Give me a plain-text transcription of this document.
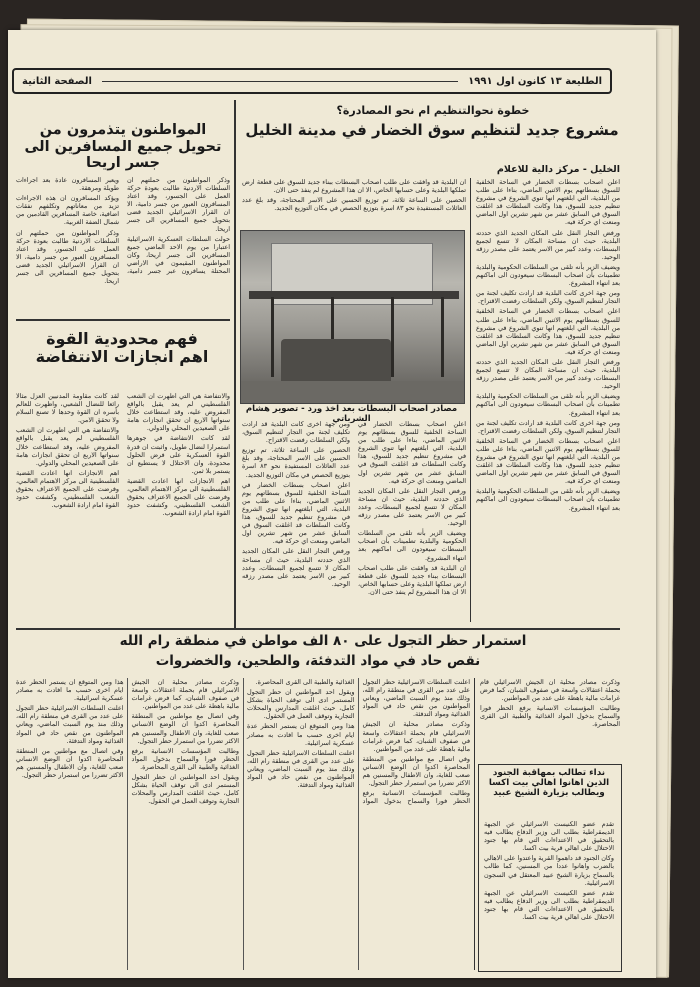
الطليعة ١٣ كانون اول ١٩٩١
الصفحة الثانية
خطوة نحوالتنظيم ام نحو المصادرة؟
مشروع جديد لتنظيم سوق الخضار في مدينة الخليل
الخليل - مركز دالية للاعلام

اعلن اصحاب بسطات الخضار في الساحة الخلفية للسوق بسطاتهم يوم الاثنين الماضي، بناءا على طلب من البلدية، التي ابلغتهم انها تنوي الشروع في مشروع تنظيم جديد للسوق، هذا وكانت السلطات قد اغلقت السوق في السابق عشر من شهر تشرين اول الماضي ومنعت اي حركة فيه.

ورفض التجار النقل على المكان الجديد الذي حددته البلدية، حيث ان مساحة المكان لا تتسع لجميع البسطات، وعدد كبير من الاسر يعتمد على مصدر رزقه الوحيد.

ويضيف الزير بأنه تلقى من السلطات الحكومية والبلدية تطمينات بأن اصحاب البسطات سيعودون الى اماكنهم بعد انتهاء المشروع.

ومن جهة اخرى كانت البلدية قد ارادت تكليف لجنة من التجار لتنظيم السوق، ولكن السلطات رفضت الاقتراح.

اعلن اصحاب بسطات الخضار في الساحة الخلفية للسوق بسطاتهم يوم الاثنين الماضي، بناءا على طلب من البلدية، التي ابلغتهم انها تنوي الشروع في مشروع تنظيم جديد للسوق، هذا وكانت السلطات قد اغلقت السوق في السابق عشر من شهر تشرين اول الماضي ومنعت اي حركة فيه.

ورفض التجار النقل على المكان الجديد الذي حددته البلدية، حيث ان مساحة المكان لا تتسع لجميع البسطات، وعدد كبير من الاسر يعتمد على مصدر رزقه الوحيد.

ويضيف الزير بأنه تلقى من السلطات الحكومية والبلدية تطمينات بأن اصحاب البسطات سيعودون الى اماكنهم بعد انتهاء المشروع.

ومن جهة اخرى كانت البلدية قد ارادت تكليف لجنة من التجار لتنظيم السوق، ولكن السلطات رفضت الاقتراح.

اعلن اصحاب بسطات الخضار في الساحة الخلفية للسوق بسطاتهم يوم الاثنين الماضي، بناءا على طلب من البلدية، التي ابلغتهم انها تنوي الشروع في مشروع تنظيم جديد للسوق، هذا وكانت السلطات قد اغلقت السوق في السابق عشر من شهر تشرين اول الماضي ومنعت اي حركة فيه.

ويضيف الزير بأنه تلقى من السلطات الحكومية والبلدية تطمينات بأن اصحاب البسطات سيعودون الى اماكنهم بعد انتهاء المشروع.

ان البلدية قد وافقت على طلب اصحاب البسطات ببناء جديد للسوق على قطعة ارض تملكها البلدية وعلى حسابها الخاص، الا ان هذا المشروع لم ينفذ حتى الان.

الحصين على الساعة ثلاثة، تم توزيع الحسين على الاسر المحتاجة، وقد بلغ عدد العائلات المستفيدة نحو ٨٣ اسرة بتوزيع الحصص في مكان التوزيع الجديد.

مصادر اصحاب البسطات بعد اخذ ورد - تصوير هشام الشرباتي

اعلن اصحاب بسطات الخضار في الساحة الخلفية للسوق بسطاتهم يوم الاثنين الماضي، بناءا على طلب من البلدية، التي ابلغتهم انها تنوي الشروع في مشروع تنظيم جديد للسوق، هذا وكانت السلطات قد اغلقت السوق في السابق عشر من شهر تشرين اول الماضي ومنعت اي حركة فيه.

ورفض التجار النقل على المكان الجديد الذي حددته البلدية، حيث ان مساحة المكان لا تتسع لجميع البسطات، وعدد كبير من الاسر يعتمد على مصدر رزقه الوحيد.

ويضيف الزير بأنه تلقى من السلطات الحكومية والبلدية تطمينات بأن اصحاب البسطات سيعودون الى اماكنهم بعد انتهاء المشروع.

ان البلدية قد وافقت على طلب اصحاب البسطات ببناء جديد للسوق على قطعة ارض تملكها البلدية وعلى حسابها الخاص، الا ان هذا المشروع لم ينفذ حتى الان.

ومن جهة اخرى كانت البلدية قد ارادت تكليف لجنة من التجار لتنظيم السوق، ولكن السلطات رفضت الاقتراح.

الحصين على الساعة ثلاثة، تم توزيع الحسين على الاسر المحتاجة، وقد بلغ عدد العائلات المستفيدة نحو ٨٣ اسرة بتوزيع الحصص في مكان التوزيع الجديد.

اعلن اصحاب بسطات الخضار في الساحة الخلفية للسوق بسطاتهم يوم الاثنين الماضي، بناءا على طلب من البلدية، التي ابلغتهم انها تنوي الشروع في مشروع تنظيم جديد للسوق، هذا وكانت السلطات قد اغلقت السوق في السابق عشر من شهر تشرين اول الماضي ومنعت اي حركة فيه.

ورفض التجار النقل على المكان الجديد الذي حددته البلدية، حيث ان مساحة المكان لا تتسع لجميع البسطات، وعدد كبير من الاسر يعتمد على مصدر رزقه الوحيد.

المواطنون يتذمرون من تحويل جميع المسافرين الى جسر اريحا

وذكر المواطنون من حملتهم ان السلطات الاردنية طالبت بعودة حركة العمل على الجسور، وقد اعتاد المسافرون العبور من جسر دامية، الا ان القرار الاسرائيلي الجديد قضى بتحويل جميع المسافرين الى جسر اريحا.

حولت السلطات العسكرية الاسرائيلية اعتبارا من يوم الاحد الماضي جميع المسافرين الى جسر اريحا، وكان المواطنون المقيمون في الاراضي المحتلة يسافرون عبر جسر دامية، ويعبر المسافرون عادة بعد اجراءات طويلة ومرهقة.

ويؤكد المسافرون ان هذه الاجراءات تزيد من معاناتهم وتكلفهم نفقات اضافية، خاصة المسافرين القادمين من شمال الضفة الغربية.

وذكر المواطنون من حملتهم ان السلطات الاردنية طالبت بعودة حركة العمل على الجسور، وقد اعتاد المسافرون العبور من جسر دامية، الا ان القرار الاسرائيلي الجديد قضى بتحويل جميع المسافرين الى جسر اريحا.

فهم محدودية القوة اهم انجازات الانتفاضة

والانتفاضة هي التي اظهرت ان الشعب الفلسطيني لم يعد يقبل بالواقع المفروض عليه، وقد استطاعت خلال سنواتها الاربع ان تحقق انجازات هامة على الصعيدين المحلي والدولي.

لقد كانت الانتفاضة في جوهرها استمرارا لنضال طويل، واثبتت ان قدرة القوة العسكرية على فرض الحلول محدودة، وان الاحتلال لا يستطيع ان يستمر بلا ثمن.

اهم الانجازات انها اعادت القضية الفلسطينية الى مركز الاهتمام العالمي، وفرضت على الجميع الاعتراف بحقوق الشعب الفلسطيني، وكشفت حدود القوة امام ارادة الشعوب.

لقد كانت مقاومة المدنيين العزل مثالا رائعا للنضال الشعبي، واظهرت للعالم بأسره ان القوة وحدها لا تصنع السلام ولا تحقق الامن.

والانتفاضة هي التي اظهرت ان الشعب الفلسطيني لم يعد يقبل بالواقع المفروض عليه، وقد استطاعت خلال سنواتها الاربع ان تحقق انجازات هامة على الصعيدين المحلي والدولي.

اهم الانجازات انها اعادت القضية الفلسطينية الى مركز الاهتمام العالمي، وفرضت على الجميع الاعتراف بحقوق الشعب الفلسطيني، وكشفت حدود القوة امام ارادة الشعوب.

استمرار حظر التجول على ٨٠ الف مواطن في منطقة رام الله
نقص حاد في مواد التدفئة، والطحين، والخضروات

اعلنت السلطات الاسرائيلية حظر التجول على عدد من القرى في منطقة رام الله، وذلك منذ يوم السبت الماضي، ويعاني المواطنون من نقص حاد في المواد الغذائية ومواد التدفئة.

وذكرت مصادر محلية ان الجيش الاسرائيلي قام بحملة اعتقالات واسعة في صفوف الشبان، كما فرض غرامات مالية باهظة على عدد من المواطنين.

وفي اتصال مع مواطنين من المنطقة المحاصرة اكدوا ان الوضع الانساني صعب للغاية، وان الاطفال والمسنين هم الاكثر تضررا من استمرار حظر التجول.

وطالبت المؤسسات الانسانية برفع الحظر فورا والسماح بدخول المواد الغذائية والطبية الى القرى المحاصرة.

ويقول احد المواطنين ان حظر التجول المستمر ادى الى توقف الحياة بشكل كامل، حيث اغلقت المدارس والمحلات التجارية وتوقف العمل في الحقول.

هذا ومن المتوقع ان يستمر الحظر عدة ايام اخرى حسب ما افادت به مصادر عسكرية اسرائيلية.

اعلنت السلطات الاسرائيلية حظر التجول على عدد من القرى في منطقة رام الله، وذلك منذ يوم السبت الماضي، ويعاني المواطنون من نقص حاد في المواد الغذائية ومواد التدفئة.

وذكرت مصادر محلية ان الجيش الاسرائيلي قام بحملة اعتقالات واسعة في صفوف الشبان، كما فرض غرامات مالية باهظة على عدد من المواطنين.

وفي اتصال مع مواطنين من المنطقة المحاصرة اكدوا ان الوضع الانساني صعب للغاية، وان الاطفال والمسنين هم الاكثر تضررا من استمرار حظر التجول.

وطالبت المؤسسات الانسانية برفع الحظر فورا والسماح بدخول المواد الغذائية والطبية الى القرى المحاصرة.

ويقول احد المواطنين ان حظر التجول المستمر ادى الى توقف الحياة بشكل كامل، حيث اغلقت المدارس والمحلات التجارية وتوقف العمل في الحقول.

هذا ومن المتوقع ان يستمر الحظر عدة ايام اخرى حسب ما افادت به مصادر عسكرية اسرائيلية.

اعلنت السلطات الاسرائيلية حظر التجول على عدد من القرى في منطقة رام الله، وذلك منذ يوم السبت الماضي، ويعاني المواطنون من نقص حاد في المواد الغذائية ومواد التدفئة.

وفي اتصال مع مواطنين من المنطقة المحاصرة اكدوا ان الوضع الانساني صعب للغاية، وان الاطفال والمسنين هم الاكثر تضررا من استمرار حظر التجول.

وذكرت مصادر محلية ان الجيش الاسرائيلي قام بحملة اعتقالات واسعة في صفوف الشبان، كما فرض غرامات مالية باهظة على عدد من المواطنين.

وطالبت المؤسسات الانسانية برفع الحظر فورا والسماح بدخول المواد الغذائية والطبية الى القرى المحاصرة.

نداء تطالب بمهاقبة الجنود الذين اهانوا اهالي بيت اكسا ويطالب بزيارة الشيخ عبيد

تقدم عضو الكنيست الاسرائيلي عن الجبهة الديمقراطية بطلب الى وزير الدفاع يطالب فيه بالتحقيق في الاعتداءات التي قام بها جنود الاحتلال على اهالي قرية بيت اكسا.

وكان الجنود قد داهموا القرية واعتدوا على الاهالي بالضرب واهانوا عددا من المسنين، كما طالب بالسماح بزيارة الشيخ عبيد المعتقل في السجون الاسرائيلية.

تقدم عضو الكنيست الاسرائيلي عن الجبهة الديمقراطية بطلب الى وزير الدفاع يطالب فيه بالتحقيق في الاعتداءات التي قام بها جنود الاحتلال على اهالي قرية بيت اكسا.
